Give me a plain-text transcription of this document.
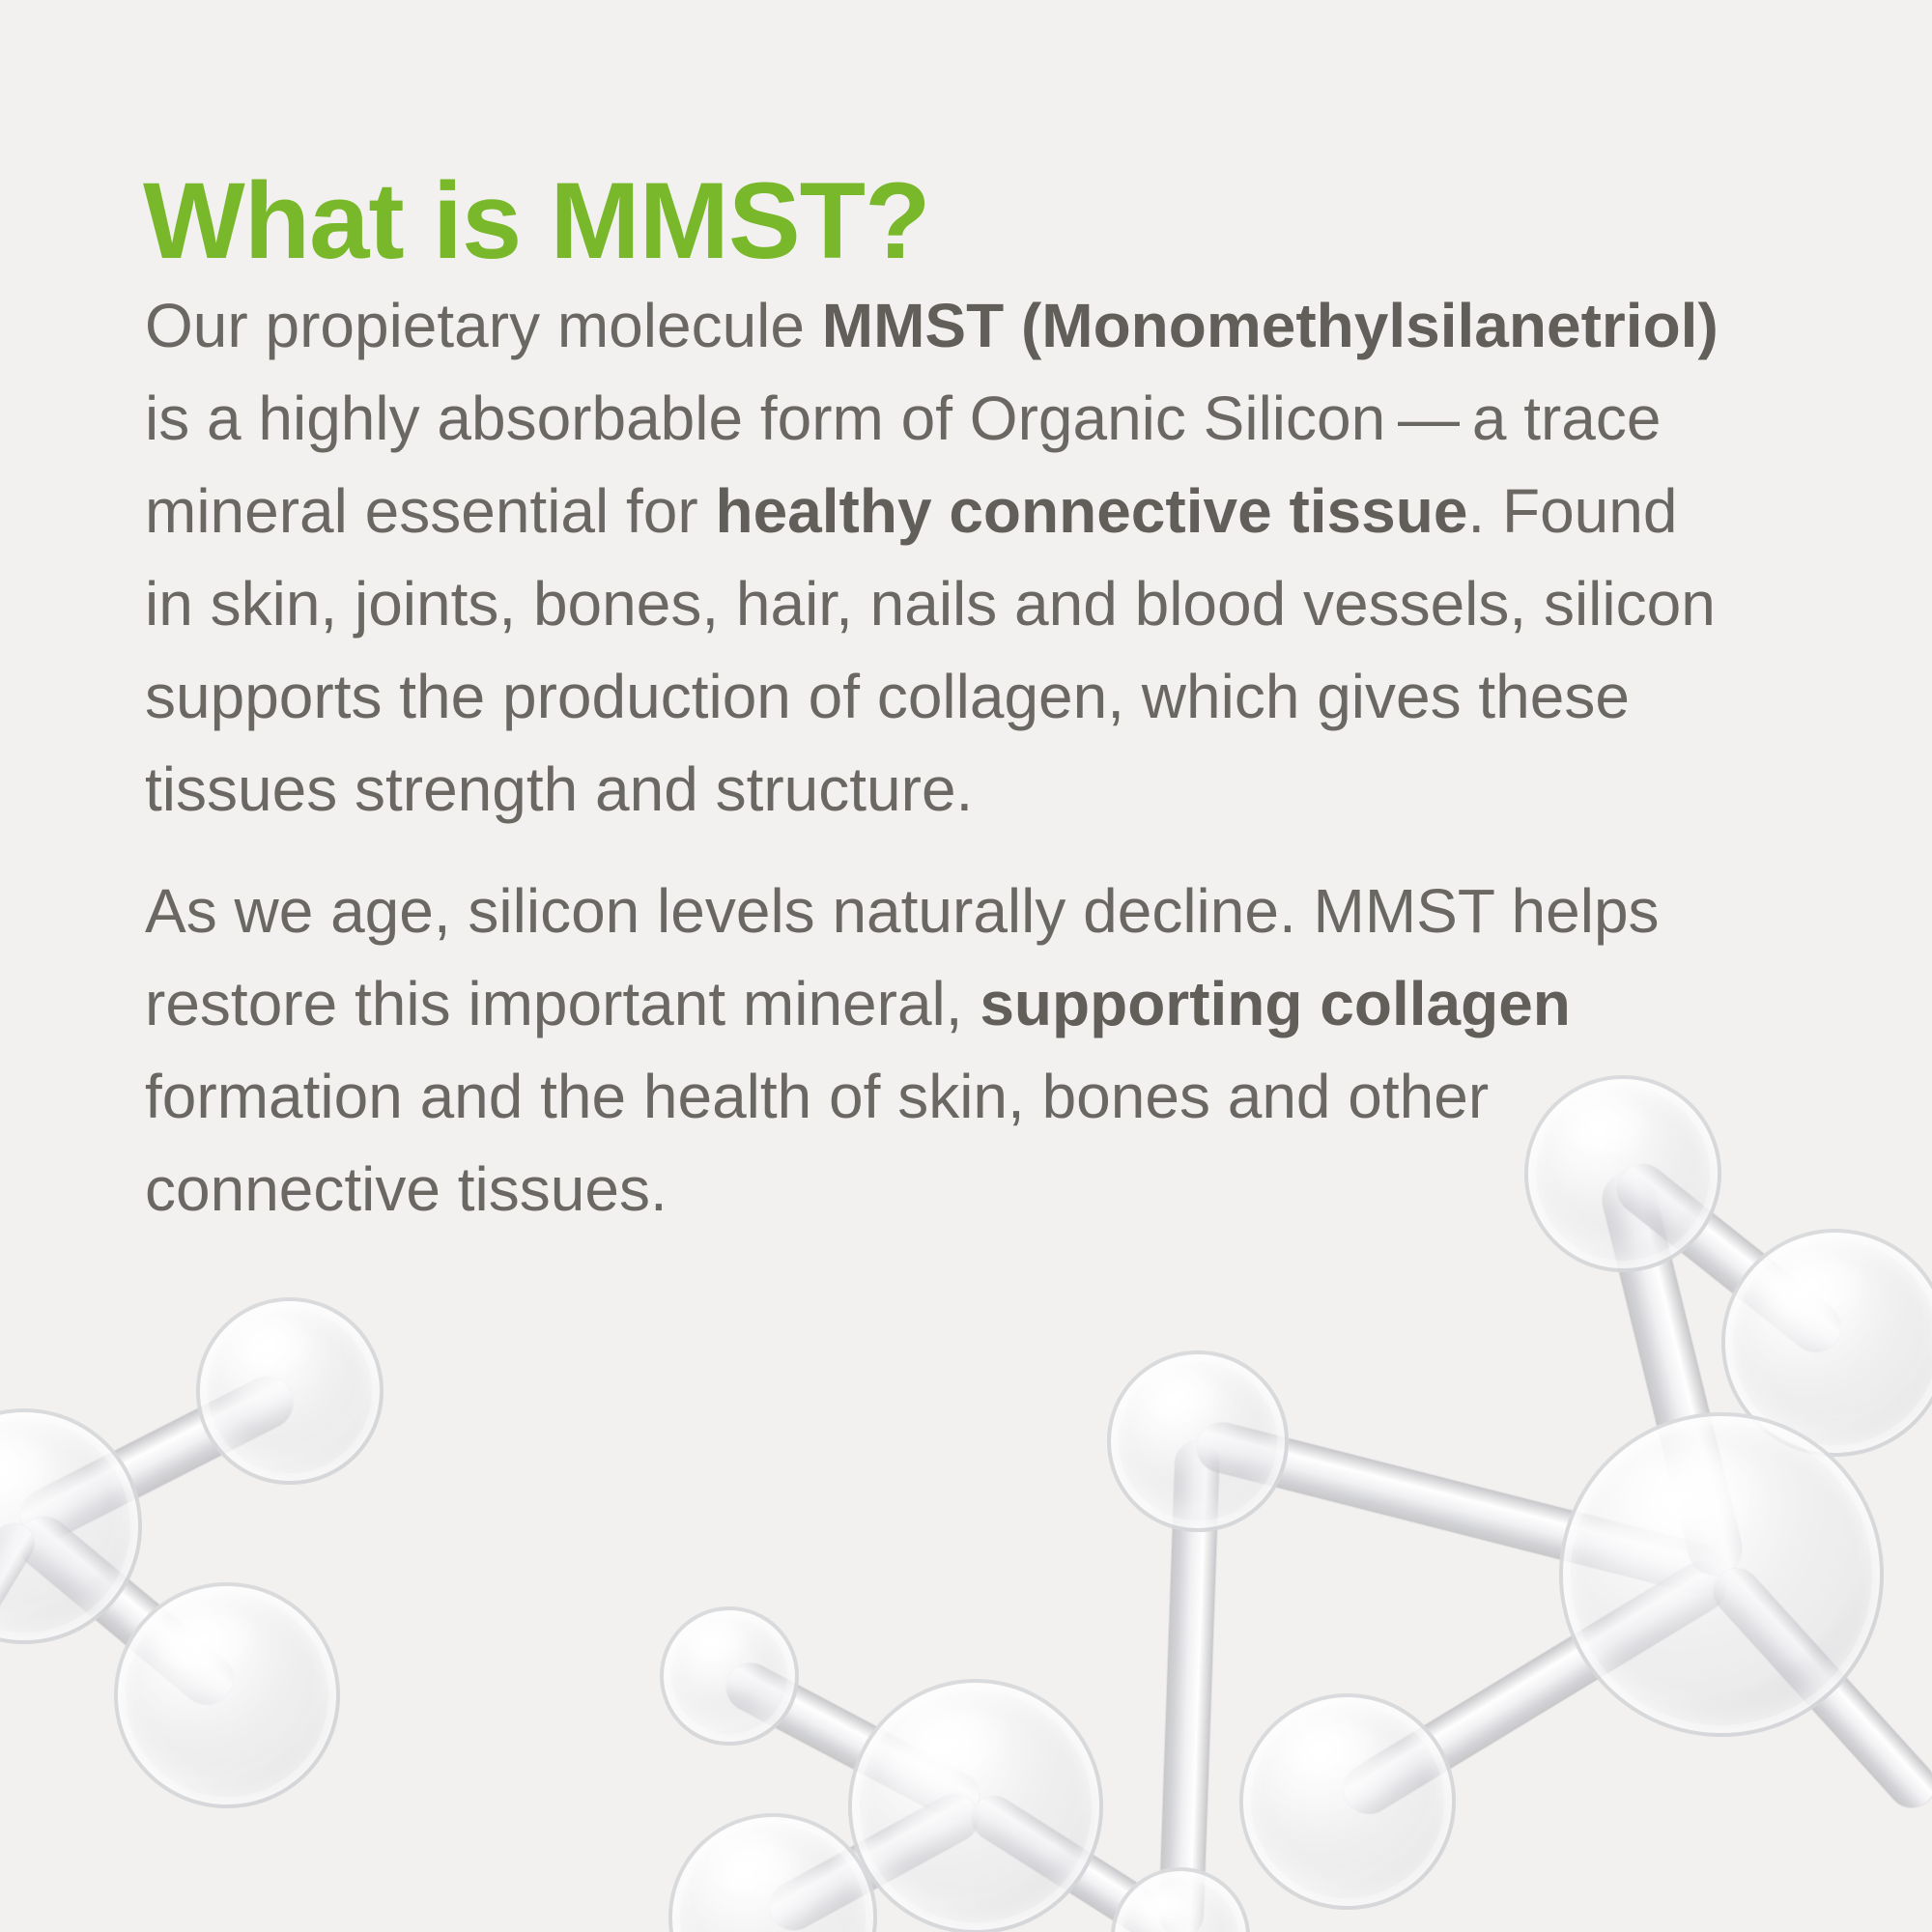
What is MMST?

Our propietary molecule MMST (Monomethylsilanetriol)
is a highly absorbable form of Organic Silicon — a trace
mineral essential for healthy connective tissue. Found
in skin, joints, bones, hair, nails and blood vessels, silicon
supports the production of collagen, which gives these
tissues strength and structure.

As we age, silicon levels naturally decline. MMST helps
restore this important mineral, supporting collagen
formation and the health of skin, bones and other
connective tissues.
